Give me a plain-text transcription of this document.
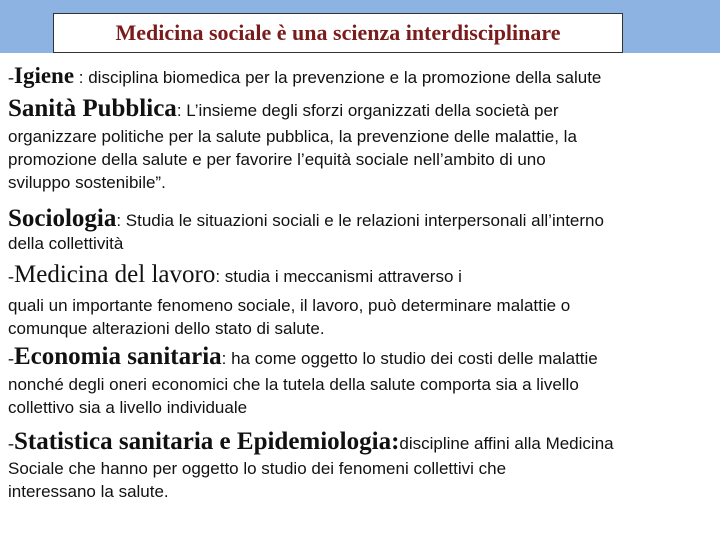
Medicina sociale è una scienza interdisciplinare
-Igiene : disciplina biomedica per la prevenzione e la promozione della salute
Sanità Pubblica: L’insieme degli sforzi organizzati della società per
organizzare politiche per la salute pubblica, la prevenzione delle malattie, la
promozione della salute e per favorire l’equità sociale nell’ambito di uno
sviluppo sostenibile”.
Sociologia: Studia le situazioni sociali e le relazioni interpersonali all’interno
della collettività
-Medicina del lavoro: studia i meccanismi attraverso i
quali un importante fenomeno sociale, il lavoro, può determinare malattie o
comunque alterazioni dello stato di salute.
-Economia sanitaria: ha come oggetto lo studio dei costi delle malattie
nonché degli oneri economici che la tutela della salute comporta sia a livello
collettivo sia a livello individuale
-Statistica sanitaria e Epidemiologia:discipline affini alla Medicina
Sociale che hanno per oggetto lo studio dei fenomeni collettivi che
interessano la salute.
